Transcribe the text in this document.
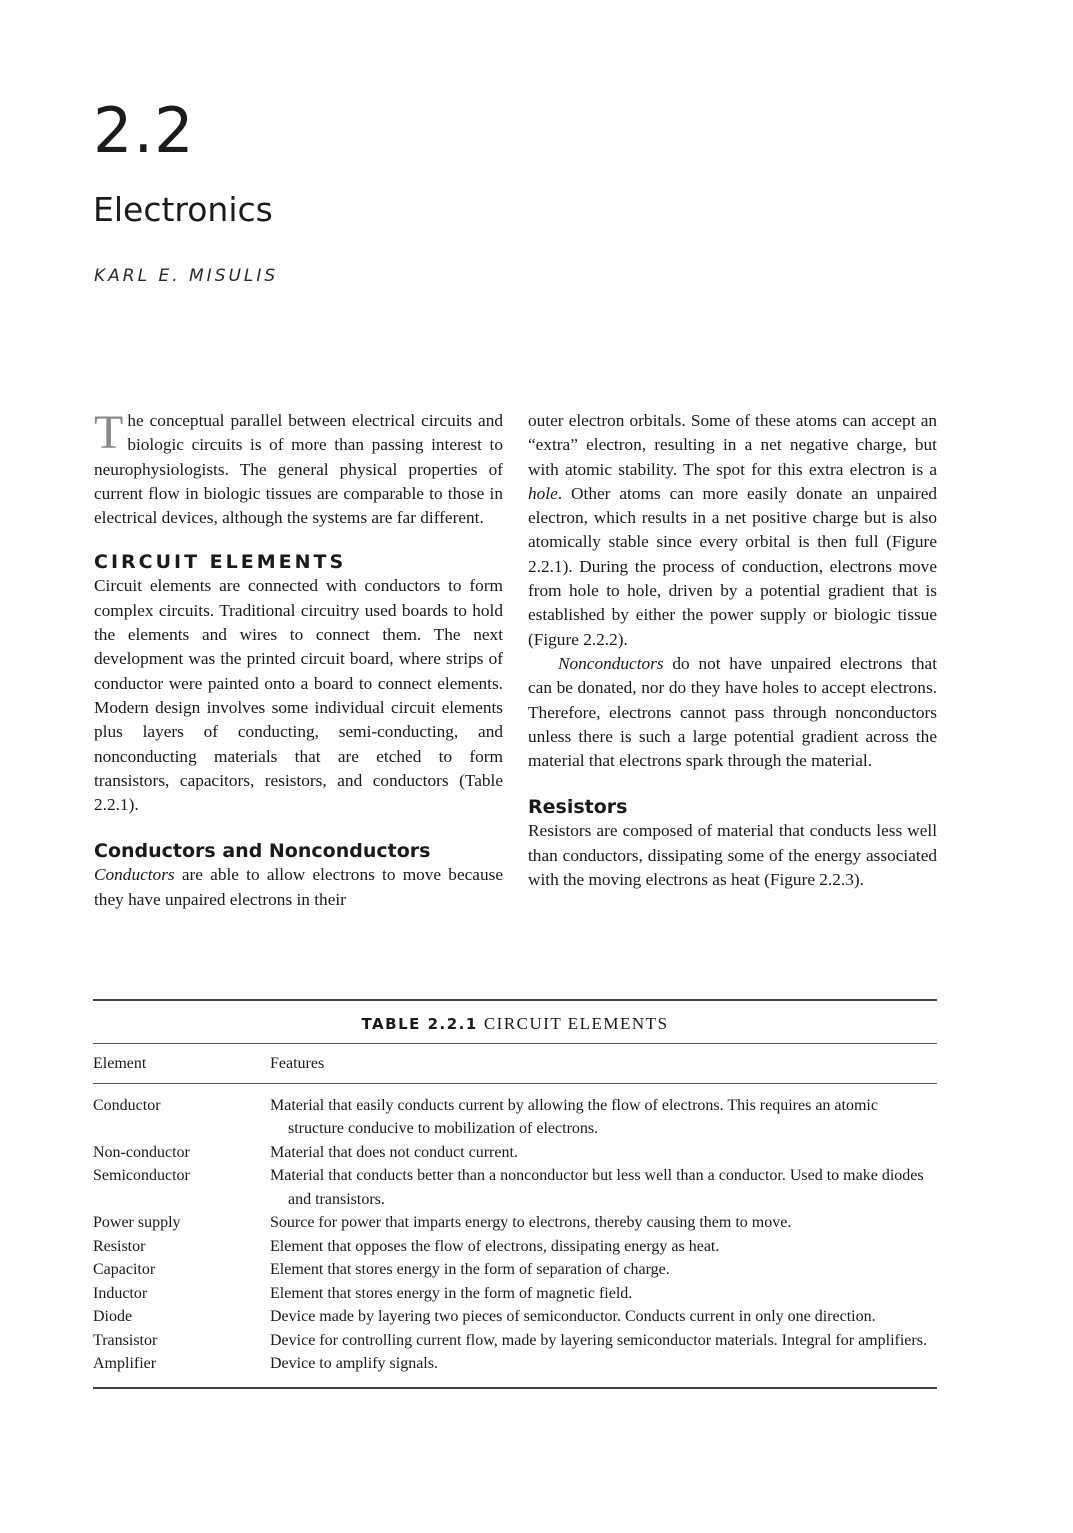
2.2
Electronics
KARL E. MISULIS

The conceptual parallel between electrical circuits and biologic circuits is of more than passing interest to neurophysiologists. The general physical properties of current flow in biologic tissues are comparable to those in electrical devices, although the systems are far different.

CIRCUIT ELEMENTS

Circuit elements are connected with conductors to form complex circuits. Traditional circuitry used boards to hold the elements and wires to connect them. The next development was the printed circuit board, where strips of conductor were painted onto a board to connect elements. Modern design involves some individual circuit elements plus layers of conducting, semi-conducting, and nonconducting materials that are etched to form transistors, capacitors, resistors, and conductors (Table 2.2.1).

Conductors and Nonconductors

Conductors are able to allow electrons to move because they have unpaired electrons in their

outer electron orbitals. Some of these atoms can accept an “extra” electron, resulting in a net negative charge, but with atomic stability. The spot for this extra electron is a hole. Other atoms can more easily donate an unpaired electron, which results in a net positive charge but is also atomically stable since every orbital is then full (Figure 2.2.1). During the process of conduction, electrons move from hole to hole, driven by a potential gradient that is established by either the power supply or biologic tissue (Figure 2.2.2).

Nonconductors do not have unpaired electrons that can be donated, nor do they have holes to accept electrons. Therefore, electrons cannot pass through nonconductors unless there is such a large potential gradient across the material that electrons spark through the material.

Resistors

Resistors are composed of material that conducts less well than conductors, dissipating some of the energy associated with the moving electrons as heat (Figure 2.2.3).

TABLE 2.2.1 CIRCUIT ELEMENTS
Element	Features
Conductor	Material that easily conducts current by allowing the flow of electrons. This requires an atomic structure conducive to mobilization of electrons.
Non-conductor	Material that does not conduct current.
Semiconductor	Material that conducts better than a nonconductor but less well than a conductor. Used to make diodes and transistors.
Power supply	Source for power that imparts energy to electrons, thereby causing them to move.
Resistor	Element that opposes the flow of electrons, dissipating energy as heat.
Capacitor	Element that stores energy in the form of separation of charge.
Inductor	Element that stores energy in the form of magnetic field.
Diode	Device made by layering two pieces of semiconductor. Conducts current in only one direction.
Transistor	Device for controlling current flow, made by layering semiconductor materials. Integral for amplifiers.
Amplifier	Device to amplify signals.
